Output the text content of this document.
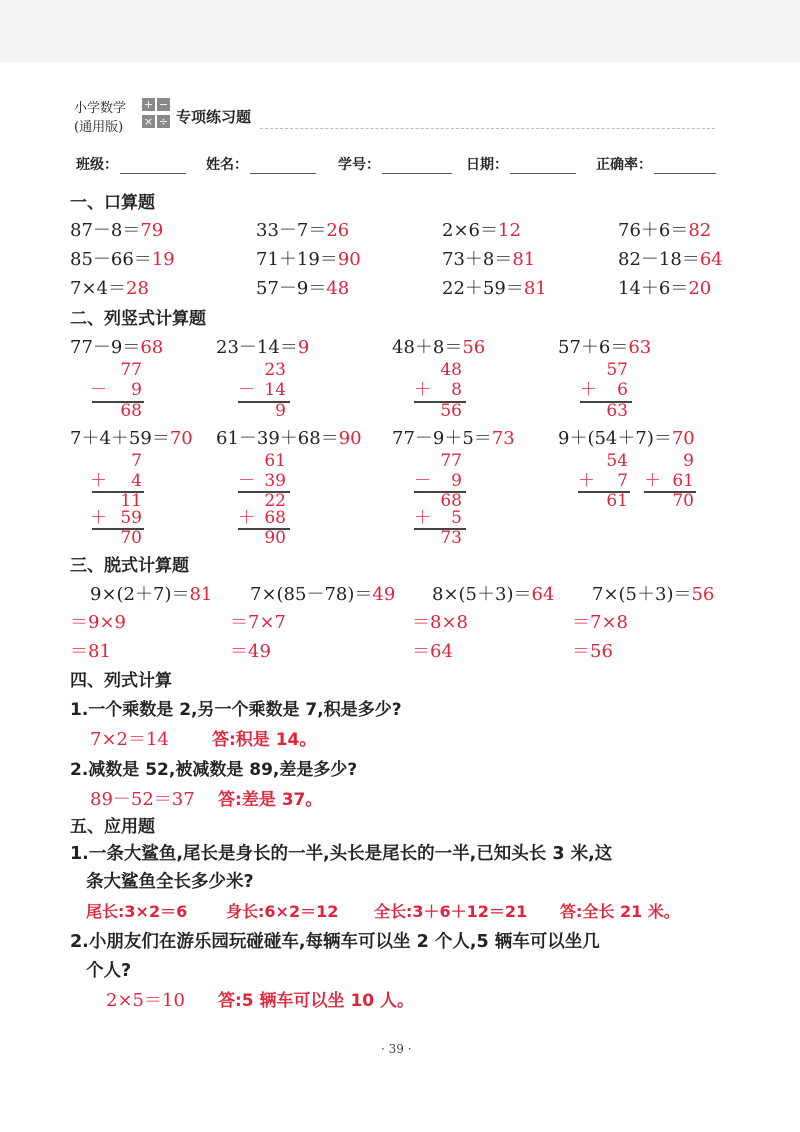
小学数学
(通用版)
+ −
× ÷ 专项练习题
班级：	姓名：	学号：	日期：	正确率：
一、口算题
87－8＝79	33－7＝26	2×6＝12	76＋6＝82
85－66＝19	71＋19＝90	73＋8＝81	82－18＝64
7×4＝28	57－9＝48	22＋59＝81	14＋6＝20
二、列竖式计算题
77－9＝68	23－14＝9	48＋8＝56	57＋6＝63
77
－	9
68
23
－ 14
9
48
＋	8
56
57
＋	6
63
7＋4＋59＝70 61－39＋68＝90 77－9＋5＝73 9＋(54＋7)＝70
7
＋	4
11
＋ 59
70
61
－ 39
22
＋ 68
90
77
－	9
68
＋	5
73
54
＋	7
61
9
＋ 61
70
三、脱式计算题
9×(2＋7)＝81 7×(85－78)＝49 8×(5＋3)＝64 7×(5＋3)＝56
＝9×9	＝7×7	＝8×8	＝7×8
＝81	＝49	＝64	＝56
四、列式计算
1.一个乘数是 2,另一个乘数是 7,积是多少?
7×2＝14	答:积是 14。
2.减数是 52,被减数是 89,差是多少?
89－52＝37 答:差是 37。
五、应用题
1.一条大鲨鱼,尾长是身长的一半,头长是尾长的一半,已知头长 3 米,这
条大鲨鱼全长多少米?
尾长:3×2＝6 身长:6×2＝12 全长:3＋6＋12＝21 答:全长 21 米。
2.小朋友们在游乐园玩碰碰车,每辆车可以坐 2 个人,5 辆车可以坐几
个人?
2×5＝10 答:5 辆车可以坐 10 人。
· 39 ·
